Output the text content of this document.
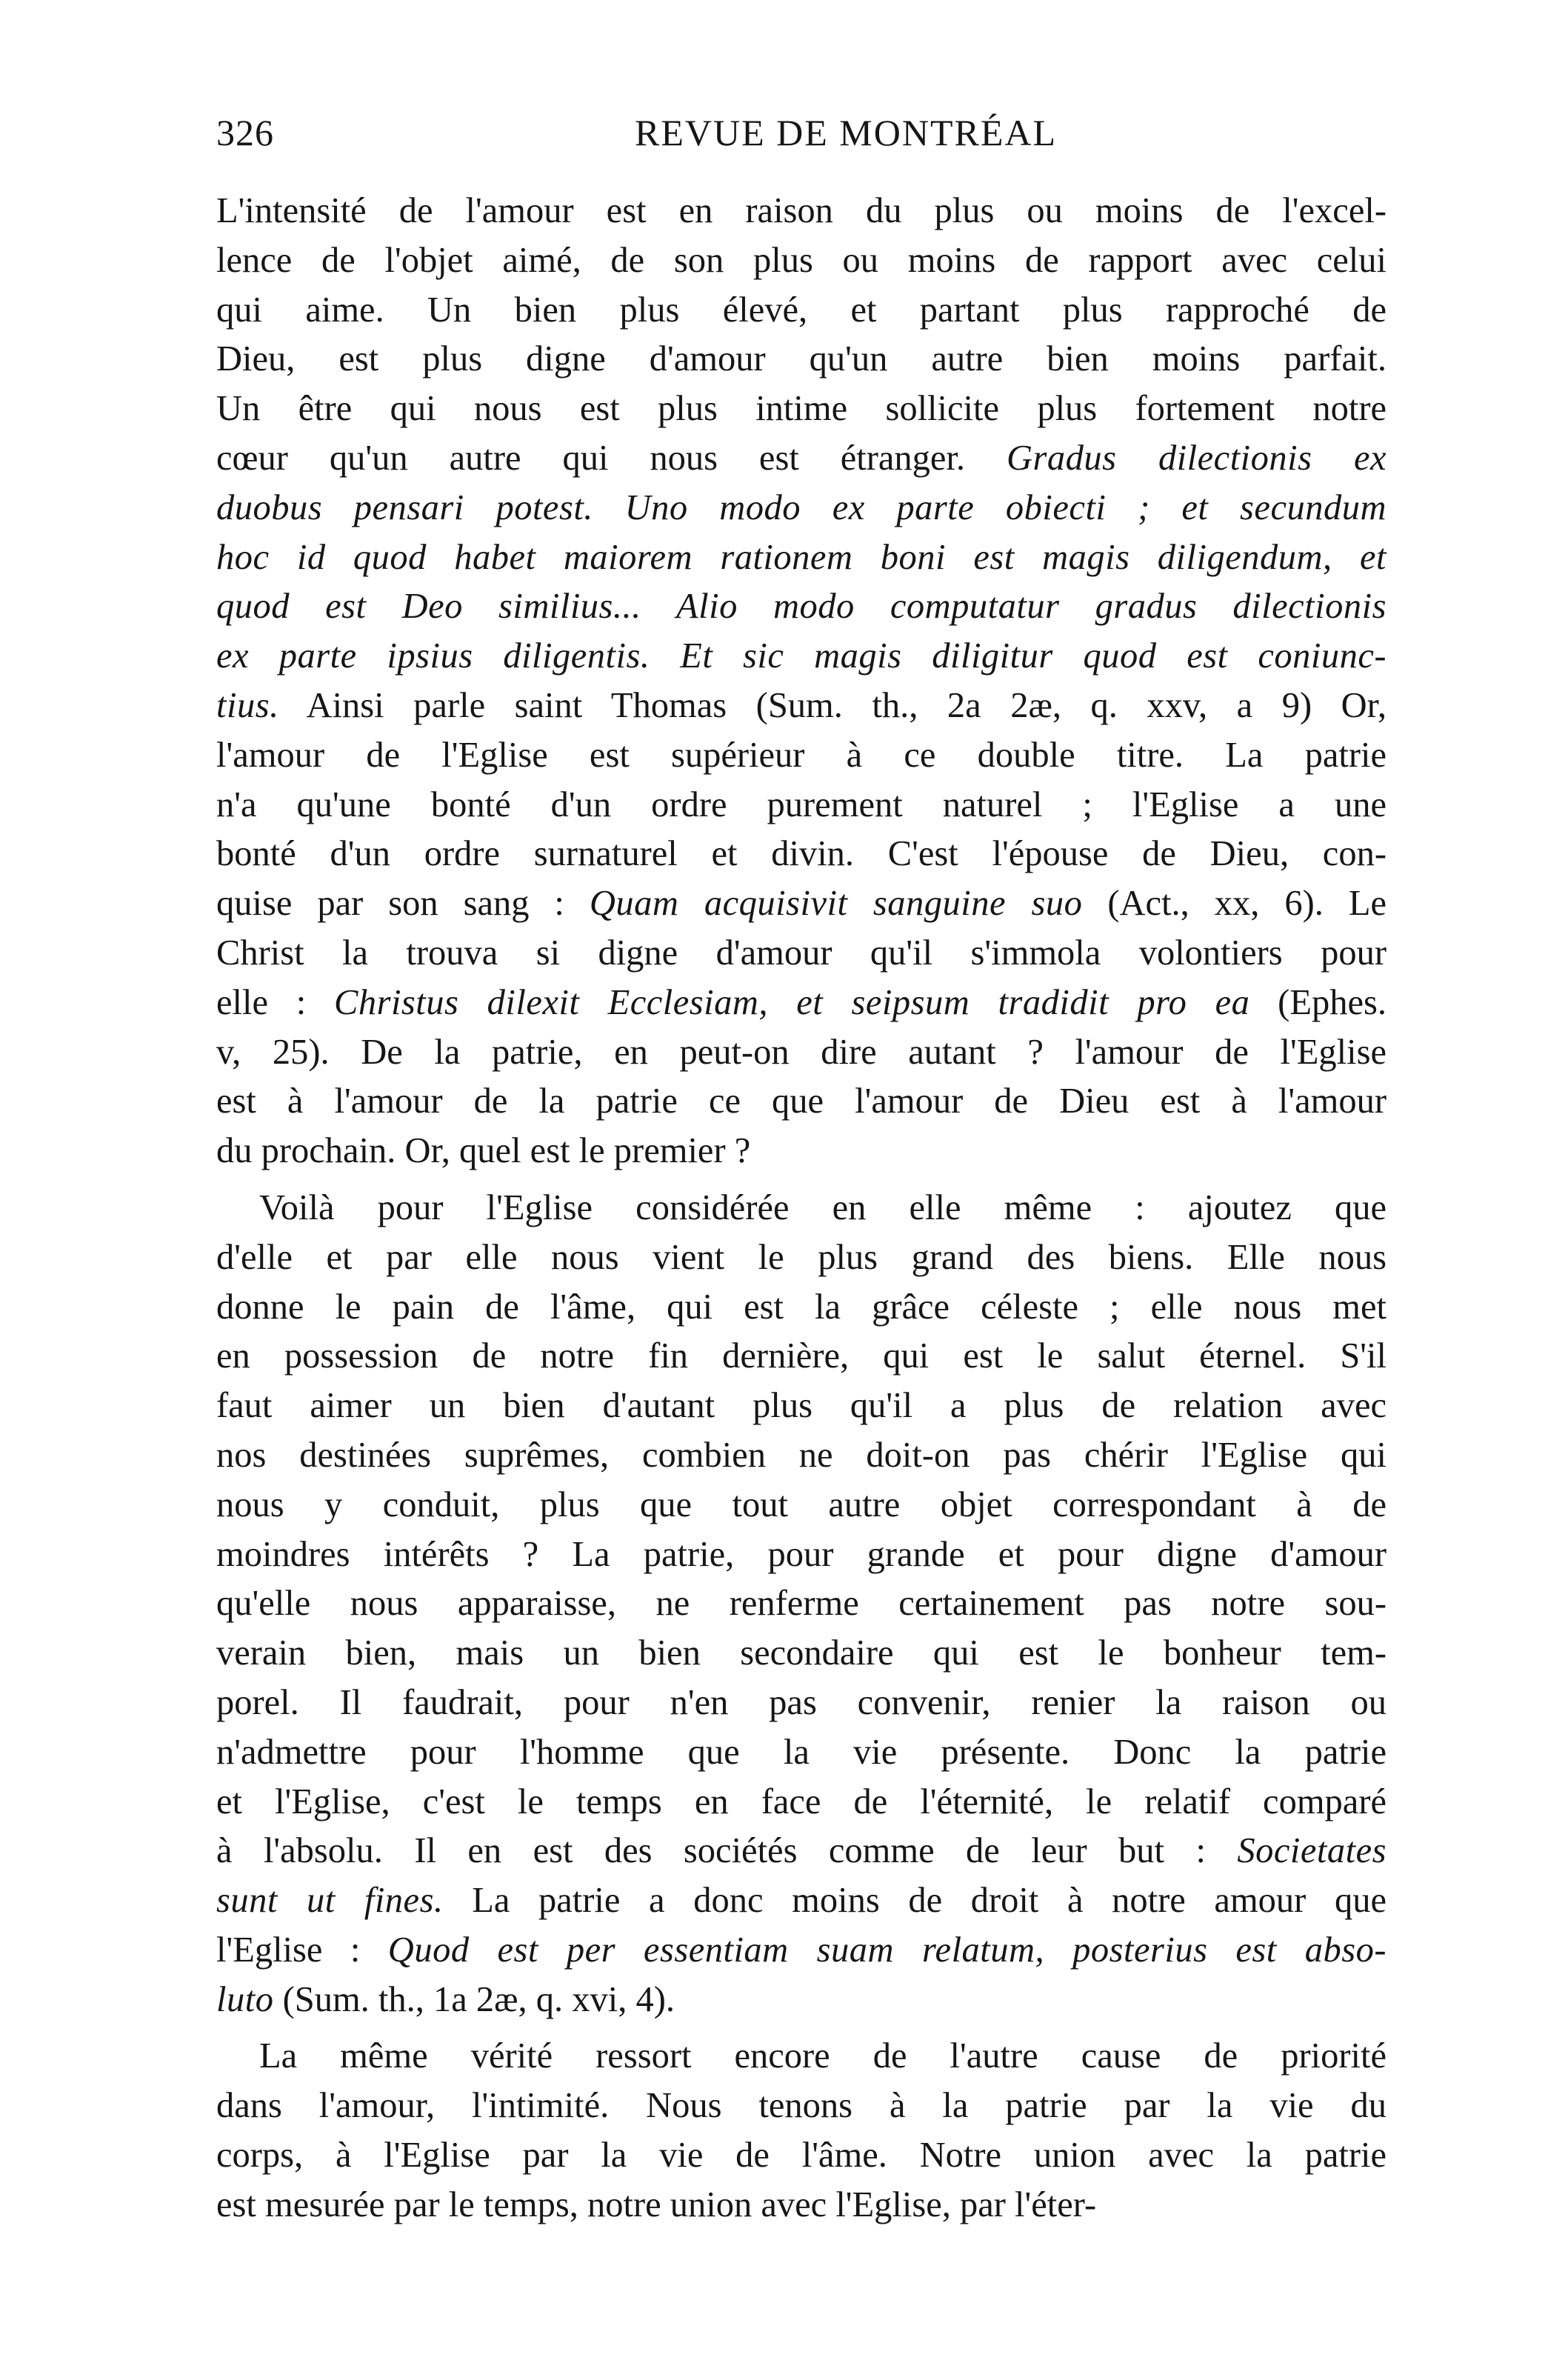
326	REVUE DE MONTRÉAL

L'intensité de l'amour est en raison du plus ou moins de l'excel-
lence de l'objet aimé, de son plus ou moins de rapport avec celui
qui aime. Un bien plus élevé, et partant plus rapproché de
Dieu, est plus digne d'amour qu'un autre bien moins parfait.
Un être qui nous est plus intime sollicite plus fortement notre
cœur qu'un autre qui nous est étranger. Gradus dilectionis ex
duobus pensari potest. Uno modo ex parte obiecti ; et secundum
hoc id quod habet maiorem rationem boni est magis diligendum, et
quod est Deo similius... Alio modo computatur gradus dilectionis
ex parte ipsius diligentis. Et sic magis diligitur quod est coniunc-
tius. Ainsi parle saint Thomas (Sum. th., 2a 2æ, q. xxv, a 9) Or,
l'amour de l'Eglise est supérieur à ce double titre. La patrie
n'a qu'une bonté d'un ordre purement naturel ; l'Eglise a une
bonté d'un ordre surnaturel et divin. C'est l'épouse de Dieu, con-
quise par son sang : Quam acquisivit sanguine suo (Act., xx, 6). Le
Christ la trouva si digne d'amour qu'il s'immola volontiers pour
elle : Christus dilexit Ecclesiam, et seipsum tradidit pro ea (Ephes.
v, 25). De la patrie, en peut-on dire autant ? l'amour de l'Eglise
est à l'amour de la patrie ce que l'amour de Dieu est à l'amour
du prochain. Or, quel est le premier ?

Voilà pour l'Eglise considérée en elle même : ajoutez que
d'elle et par elle nous vient le plus grand des biens. Elle nous
donne le pain de l'âme, qui est la grâce céleste ; elle nous met
en possession de notre fin dernière, qui est le salut éternel. S'il
faut aimer un bien d'autant plus qu'il a plus de relation avec
nos destinées suprêmes, combien ne doit-on pas chérir l'Eglise qui
nous y conduit, plus que tout autre objet correspondant à de
moindres intérêts ? La patrie, pour grande et pour digne d'amour
qu'elle nous apparaisse, ne renferme certainement pas notre sou-
verain bien, mais un bien secondaire qui est le bonheur tem-
porel. Il faudrait, pour n'en pas convenir, renier la raison ou
n'admettre pour l'homme que la vie présente. Donc la patrie
et l'Eglise, c'est le temps en face de l'éternité, le relatif comparé
à l'absolu. Il en est des sociétés comme de leur but : Societates
sunt ut fines. La patrie a donc moins de droit à notre amour que
l'Eglise : Quod est per essentiam suam relatum, posterius est abso-
luto (Sum. th., 1a 2æ, q. xvi, 4).

La même vérité ressort encore de l'autre cause de priorité
dans l'amour, l'intimité. Nous tenons à la patrie par la vie du
corps, à l'Eglise par la vie de l'âme. Notre union avec la patrie
est mesurée par le temps, notre union avec l'Eglise, par l'éter-
